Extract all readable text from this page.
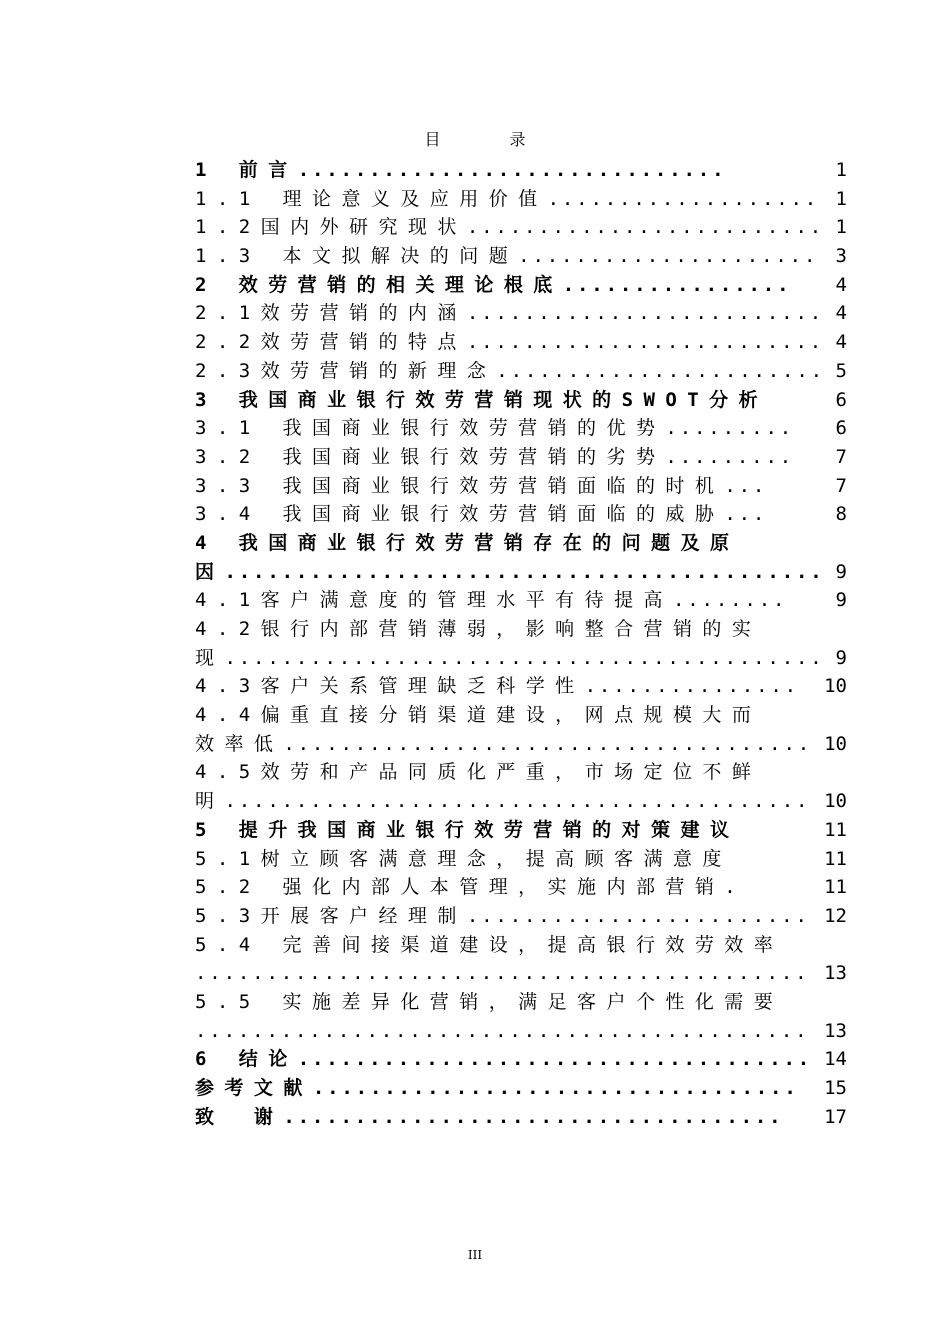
目 录
1 前言..............................	1
1.1 理论意义及应用价值................... 1
1.2国内外研究现状......................... 1
1.3 本文拟解决的问题..................... 3
2 效劳营销的相关理论根底................ 4
2.1效劳营销的内涵......................... 4
2.2效劳营销的特点......................... 4
2.3效劳营销的新理念....................... 5
3 我国商业银行效劳营销现状的SWOT分析	6
3.1 我国商业银行效劳营销的优势......... 6
3.2 我国商业银行效劳营销的劣势......... 7
3.3 我国商业银行效劳营销面临的时机...	7
3.4 我国商业银行效劳营销面临的威胁...	8
4 我国商业银行效劳营销存在的问题及原
因.......................................... 9
4.1客户满意度的管理水平有待提高........	9
4.2银行内部营销薄弱，影响整合营销的实
现.......................................... 9
4.3客户关系管理缺乏科学性............... 10
4.4偏重直接分销渠道建设，网点规模大而
效率低..................................... 10
4.5效劳和产品同质化严重，市场定位不鲜
明......................................... 10
5 提升我国商业银行效劳营销的对策建议	11
5.1树立顾客满意理念，提高顾客满意度	11
5.2 强化内部人本管理，实施内部营销.	11
5.3开展客户经理制........................ 12
5.4 完善间接渠道建设，提高银行效劳效率
........................................... 13
5.5 实施差异化营销，满足客户个性化需要
........................................... 13
6 结论.................................... 14
参考文献.................................. 15
致　谢................................... 17
III
